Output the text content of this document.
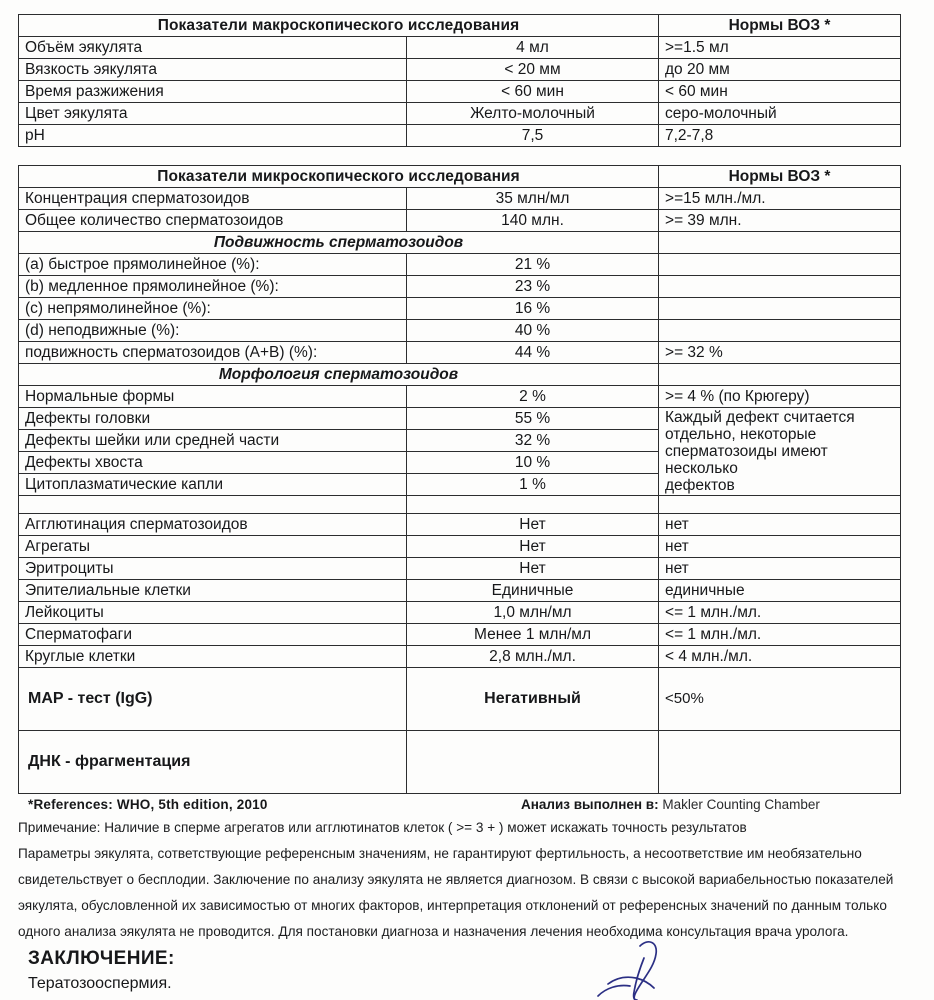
Показатели макроскопического исследования		Нормы ВОЗ *
Объём эякулята	4 мл	>=1.5 мл
Вязкость эякулята	< 20 мм	до 20 мм
Время разжижения	< 60 мин	< 60 мин
Цвет эякулята	Желто-молочный	серо-молочный
pH	7,5	7,2-7,8
Показатели микроскопического исследования		Нормы ВОЗ *
Концентрация сперматозоидов	35 млн/мл	>=15 млн./мл.
Общее количество сперматозоидов	140 млн.	>= 39 млн.
Подвижность сперматозоидов		
(a) быстрое прямолинейное (%):	21 %	
(b) медленное прямолинейное (%):	23 %	
(c) непрямолинейное (%):	16 %	
(d) неподвижные (%):	40 %	
подвижность сперматозоидов (A+B) (%):	44 %	>= 32 %
Морфология сперматозоидов		
Нормальные формы	2 %	>= 4 % (по Крюгеру)
Дефекты головки	55 %	Каждый дефект считается
отдельно, некоторые
сперматозоиды имеют несколько
дефектов

Дефекты шейки или средней части	32 %	
Дефекты хвоста	10 %	
Цитоплазматические капли	1 %	

Агглютинация сперматозоидов	Нет	нет
Агрегаты	Нет	нет
Эритроциты	Нет	нет
Эпителиальные клетки	Единичные	единичные
Лейкоциты	1,0 млн/мл	<= 1 млн./мл.
Сперматофаги	Менее 1 млн/мл	<= 1 млн./мл.
Круглые клетки	2,8 млн./мл.	< 4 млн./мл.
MAP - тест (IgG)	Негативный	<50%
ДНК - фрагментация		
*References: WHO, 5th edition, 2010	Анализ выполнен в: Makler Counting Chamber
Примечание: Наличие в сперме агрегатов или агглютинатов клеток ( >= 3 + ) может искажать точность результатов
Параметры эякулята, сответствующие референсным значениям, не гарантируют фертильность, а несоответствие им необязательно свидетельствует о бесплодии. Заключение по анализу эякулята не является диагнозом. В связи с высокой вариабельностью показателей эякулята, обусловленной их зависимостью от многих факторов, интерпретация отклонений от референсных значений по данным только одного анализа эякулята не проводится. Для постановки диагноза и назначения лечения необходима консультация врача уролога.
ЗАКЛЮЧЕНИЕ:
Тератозооспермия.
